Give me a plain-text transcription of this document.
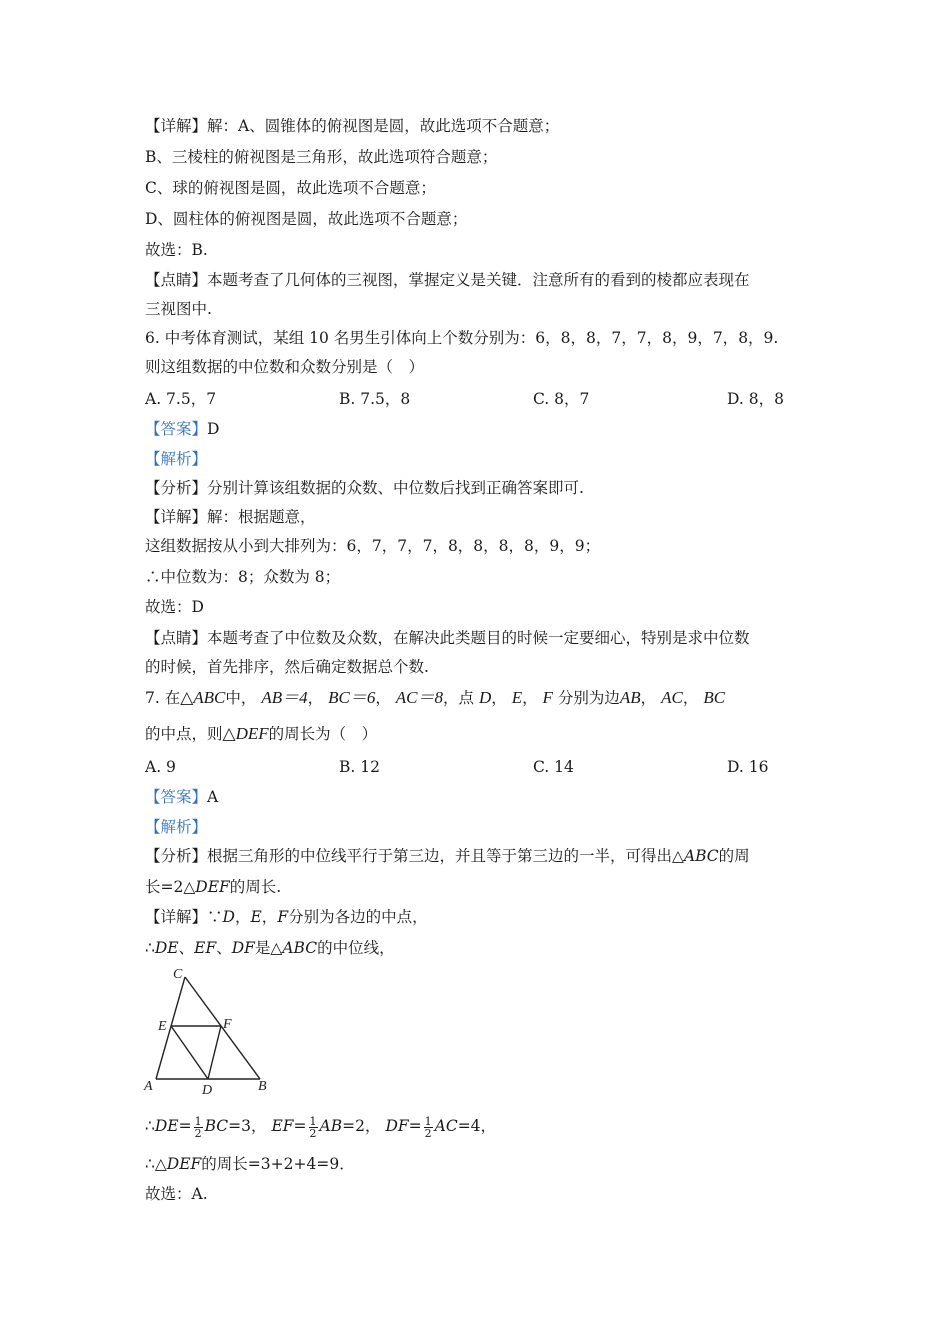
【详解】解：A、圆锥体的俯视图是圆，故此选项不合题意；
B、三棱柱的俯视图是三角形，故此选项符合题意；
C、球的俯视图是圆，故此选项不合题意；
D、圆柱体的俯视图是圆，故此选项不合题意；
故选：B.
【点睛】本题考查了几何体的三视图，掌握定义是关键．注意所有的看到的棱都应表现在
三视图中.
6. 中考体育测试，某组 10 名男生引体向上个数分别为：6，8，8，7，7，8，9，7，8，9.
则这组数据的中位数和众数分别是（　）
A. 7.5，7	B. 7.5，8	C. 8，7	D. 8，8
【答案】D
【解析】
【分析】分别计算该组数据的众数、中位数后找到正确答案即可.
【详解】解：根据题意，
这组数据按从小到大排列为：6，7，7，7，8，8，8，8，9，9；
∴中位数为：8；众数为 8；
故选：D
【点睛】本题考查了中位数及众数，在解决此类题目的时候一定要细心，特别是求中位数
的时候，首先排序，然后确定数据总个数.
7. 在△ABC中， AB＝4， BC＝6， AC＝8，点 D， E， F 分别为边AB， AC， BC
的中点，则△DEF的周长为（　）
A. 9	B. 12	C. 14	D. 16
【答案】A
【解析】
【分析】根据三角形的中位线平行于第三边，并且等于第三边的一半，可得出△ABC的周
长=2△DEF的周长.
【详解】∵D，E，F分别为各边的中点，
∴DE、EF、DF是△ABC的中位线，
C
E	F
A	D	B
∴DE= $\frac{1}{2} BC=3$， $EF= \frac{1}{2} AB=2$， $DF= \frac{1}{2} AC=4$，
∴△DEF的周长=3+2+4=9．
故选：A.
